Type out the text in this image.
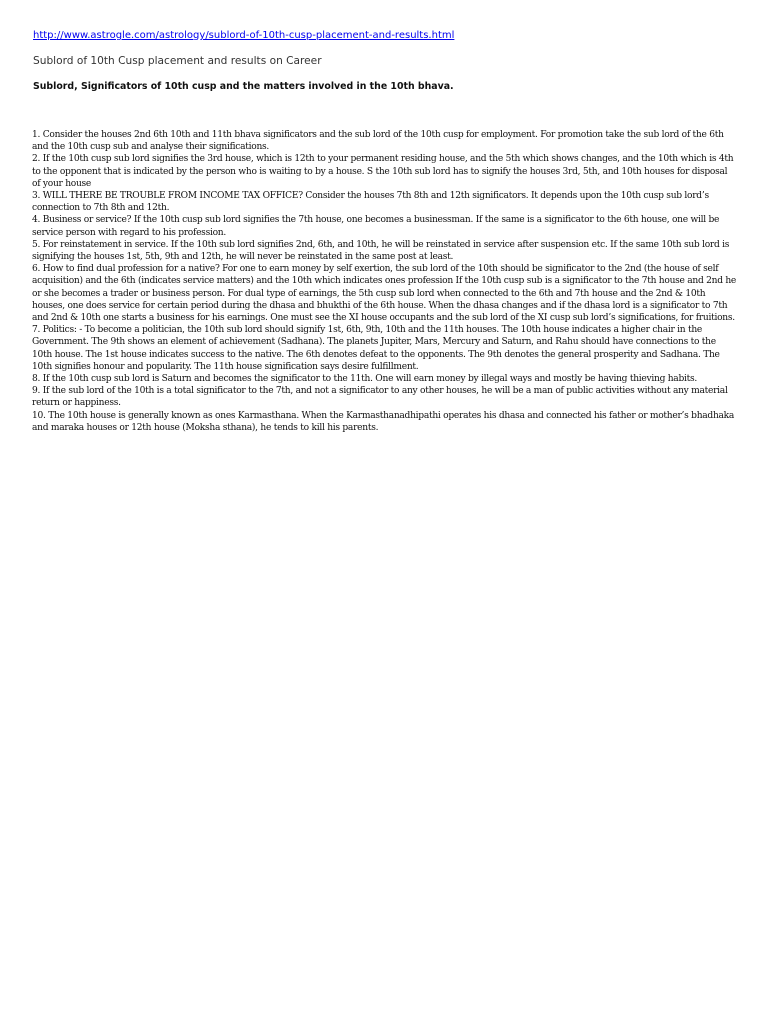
http://www.astrogle.com/astrology/sublord-of-10th-cusp-placement-and-results.html
Sublord of 10th Cusp placement and results on Career
Sublord, Significators of 10th cusp and the matters involved in the 10th bhava.

1. Consider the houses 2nd 6th 10th and 11th bhava significators and the sub lord of the 10th cusp for employment. For promotion take the sub lord of the 6th and the 10th cusp sub and analyse their significations.

2. If the 10th cusp sub lord signifies the 3rd house, which is 12th to your permanent residing house, and the 5th which shows changes, and the 10th which is 4th to the opponent that is indicated by the person who is waiting to by a house. S the 10th sub lord has to signify the houses 3rd, 5th, and 10th houses for disposal of your house

3. WILL THERE BE TROUBLE FROM INCOME TAX OFFICE? Consider the houses 7th 8th and 12th significators. It depends upon the 10th cusp sub lord’s connection to 7th 8th and 12th.

4. Business or service? If the 10th cusp sub lord signifies the 7th house, one becomes a businessman. If the same is a significator to the 6th house, one will be service person with regard to his profession.

5. For reinstatement in service. If the 10th sub lord signifies 2nd, 6th, and 10th, he will be reinstated in service after suspension etc. If the same 10th sub lord is signifying the houses 1st, 5th, 9th and 12th, he will never be reinstated in the same post at least.

6. How to find dual profession for a native? For one to earn money by self exertion, the sub lord of the 10th should be significator to the 2nd (the house of self acquisition) and the 6th (indicates service matters) and the 10th which indicates ones profession If the 10th cusp sub is a significator to the 7th house and 2nd he or she becomes a trader or business person. For dual type of earnings, the 5th cusp sub lord when connected to the 6th and 7th house and the 2nd & 10th houses, one does service for certain period during the dhasa and bhukthi of the 6th house. When the dhasa changes and if the dhasa lord is a significator to 7th and 2nd & 10th one starts a business for his earnings. One must see the XI house occupants and the sub lord of the XI cusp sub lord’s significations, for fruitions.

7. Politics: - To become a politician, the 10th sub lord should signify 1st, 6th, 9th, 10th and the 11th houses. The 10th house indicates a higher chair in the Government. The 9th shows an element of achievement (Sadhana). The planets Jupiter, Mars, Mercury and Saturn, and Rahu should have connections to the 10th house. The 1st house indicates success to the native. The 6th denotes defeat to the opponents. The 9th denotes the general prosperity and Sadhana. The 10th signifies honour and popularity. The 11th house signification says desire fulfillment.

8. If the 10th cusp sub lord is Saturn and becomes the significator to the 11th. One will earn money by illegal ways and mostly be having thieving habits.

9. If the sub lord of the 10th is a total significator to the 7th, and not a significator to any other houses, he will be a man of public activities without any material return or happiness.

10. The 10th house is generally known as ones Karmasthana. When the Karmasthanadhipathi operates his dhasa and connected his father or mother’s bhadhaka and maraka houses or 12th house (Moksha sthana), he tends to kill his parents.
